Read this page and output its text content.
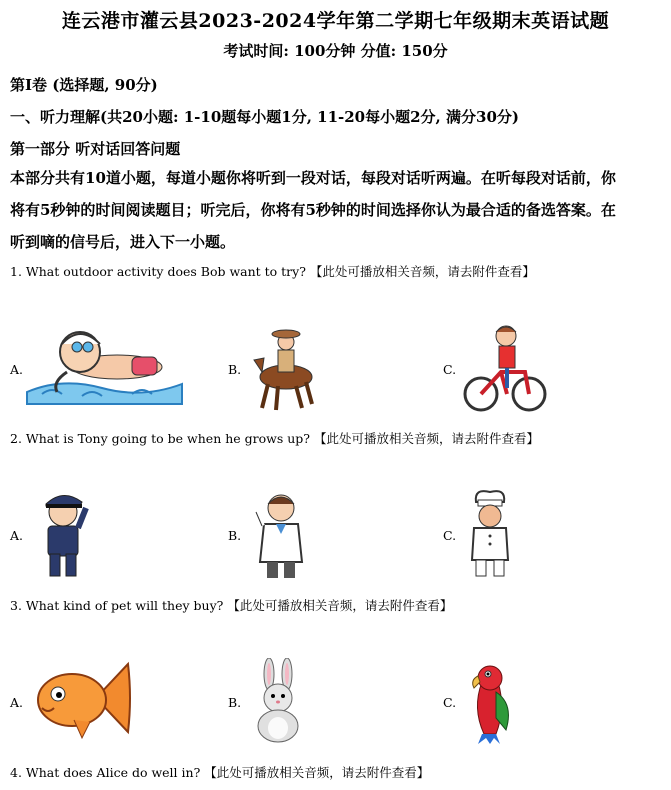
连云港市灌云县2023-2024学年第二学期七年级期末英语试题
考试时间: 100分钟 分值: 150分
第I卷 (选择题, 90分)
一、听力理解(共20小题: 1-10题每小题1分, 11-20每小题2分, 满分30分)
第一部分 听对话回答问题
本部分共有10道小题，每道小题你将听到一段对话，每段对话听两遍。在听每段对话前，你
将有5秒钟的时间阅读题目；听完后，你将有5秒钟的时间选择你认为最合适的备选答案。在
听到嘀的信号后，进入下一小题。
1. What outdoor activity does Bob want to try? 【此处可播放相关音频，请去附件查看】
A.	B.	C.
2. What is Tony going to be when he grows up? 【此处可播放相关音频，请去附件查看】
A.	B.	C.
3. What kind of pet will they buy? 【此处可播放相关音频，请去附件查看】
A.	B.	C.
4. What does Alice do well in? 【此处可播放相关音频，请去附件查看】
